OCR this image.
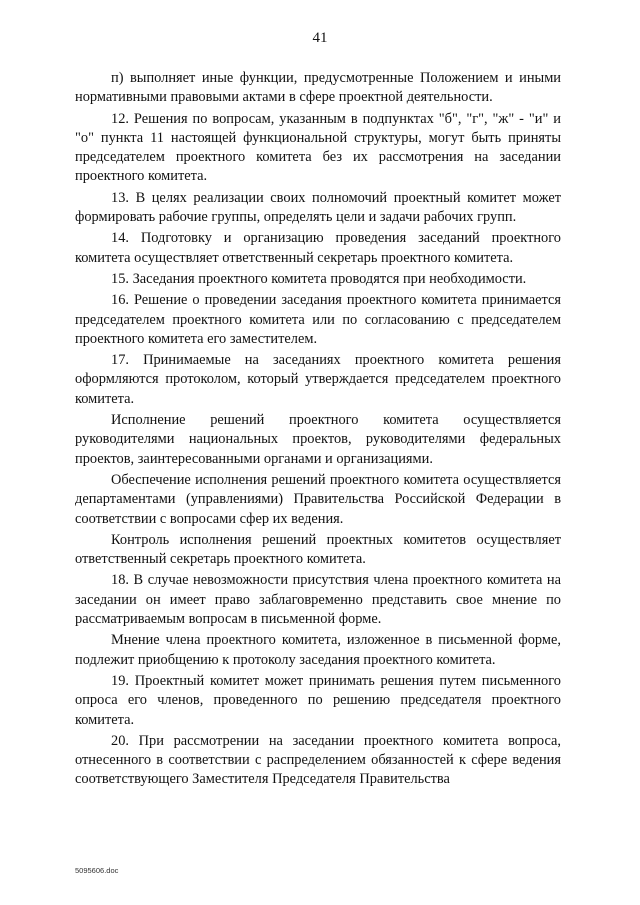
41

п) выполняет иные функции, предусмотренные Положением и иными нормативными правовыми актами в сфере проектной деятельности.

12. Решения по вопросам, указанным в подпунктах "б", "г", "ж" - "и" и "о" пункта 11 настоящей функциональной структуры, могут быть приняты председателем проектного комитета без их рассмотрения на заседании проектного комитета.

13. В целях реализации своих полномочий проектный комитет может формировать рабочие группы, определять цели и задачи рабочих групп.

14. Подготовку и организацию проведения заседаний проектного комитета осуществляет ответственный секретарь проектного комитета.

15. Заседания проектного комитета проводятся при необходимости.

16. Решение о проведении заседания проектного комитета принимается председателем проектного комитета или по согласованию с председателем проектного комитета его заместителем.

17. Принимаемые на заседаниях проектного комитета решения оформляются протоколом, который утверждается председателем проектного комитета.

Исполнение решений проектного комитета осуществляется руководителями национальных проектов, руководителями федеральных проектов, заинтересованными органами и организациями.

Обеспечение исполнения решений проектного комитета осуществляется департаментами (управлениями) Правительства Российской Федерации в соответствии с вопросами сфер их ведения.

Контроль исполнения решений проектных комитетов осуществляет ответственный секретарь проектного комитета.

18. В случае невозможности присутствия члена проектного комитета на заседании он имеет право заблаговременно представить свое мнение по рассматриваемым вопросам в письменной форме.

Мнение члена проектного комитета, изложенное в письменной форме, подлежит приобщению к протоколу заседания проектного комитета.

19. Проектный комитет может принимать решения путем письменного опроса его членов, проведенного по решению председателя проектного комитета.

20. При рассмотрении на заседании проектного комитета вопроса, отнесенного в соответствии с распределением обязанностей к сфере ведения соответствующего Заместителя Председателя Правительства

5095606.doc
